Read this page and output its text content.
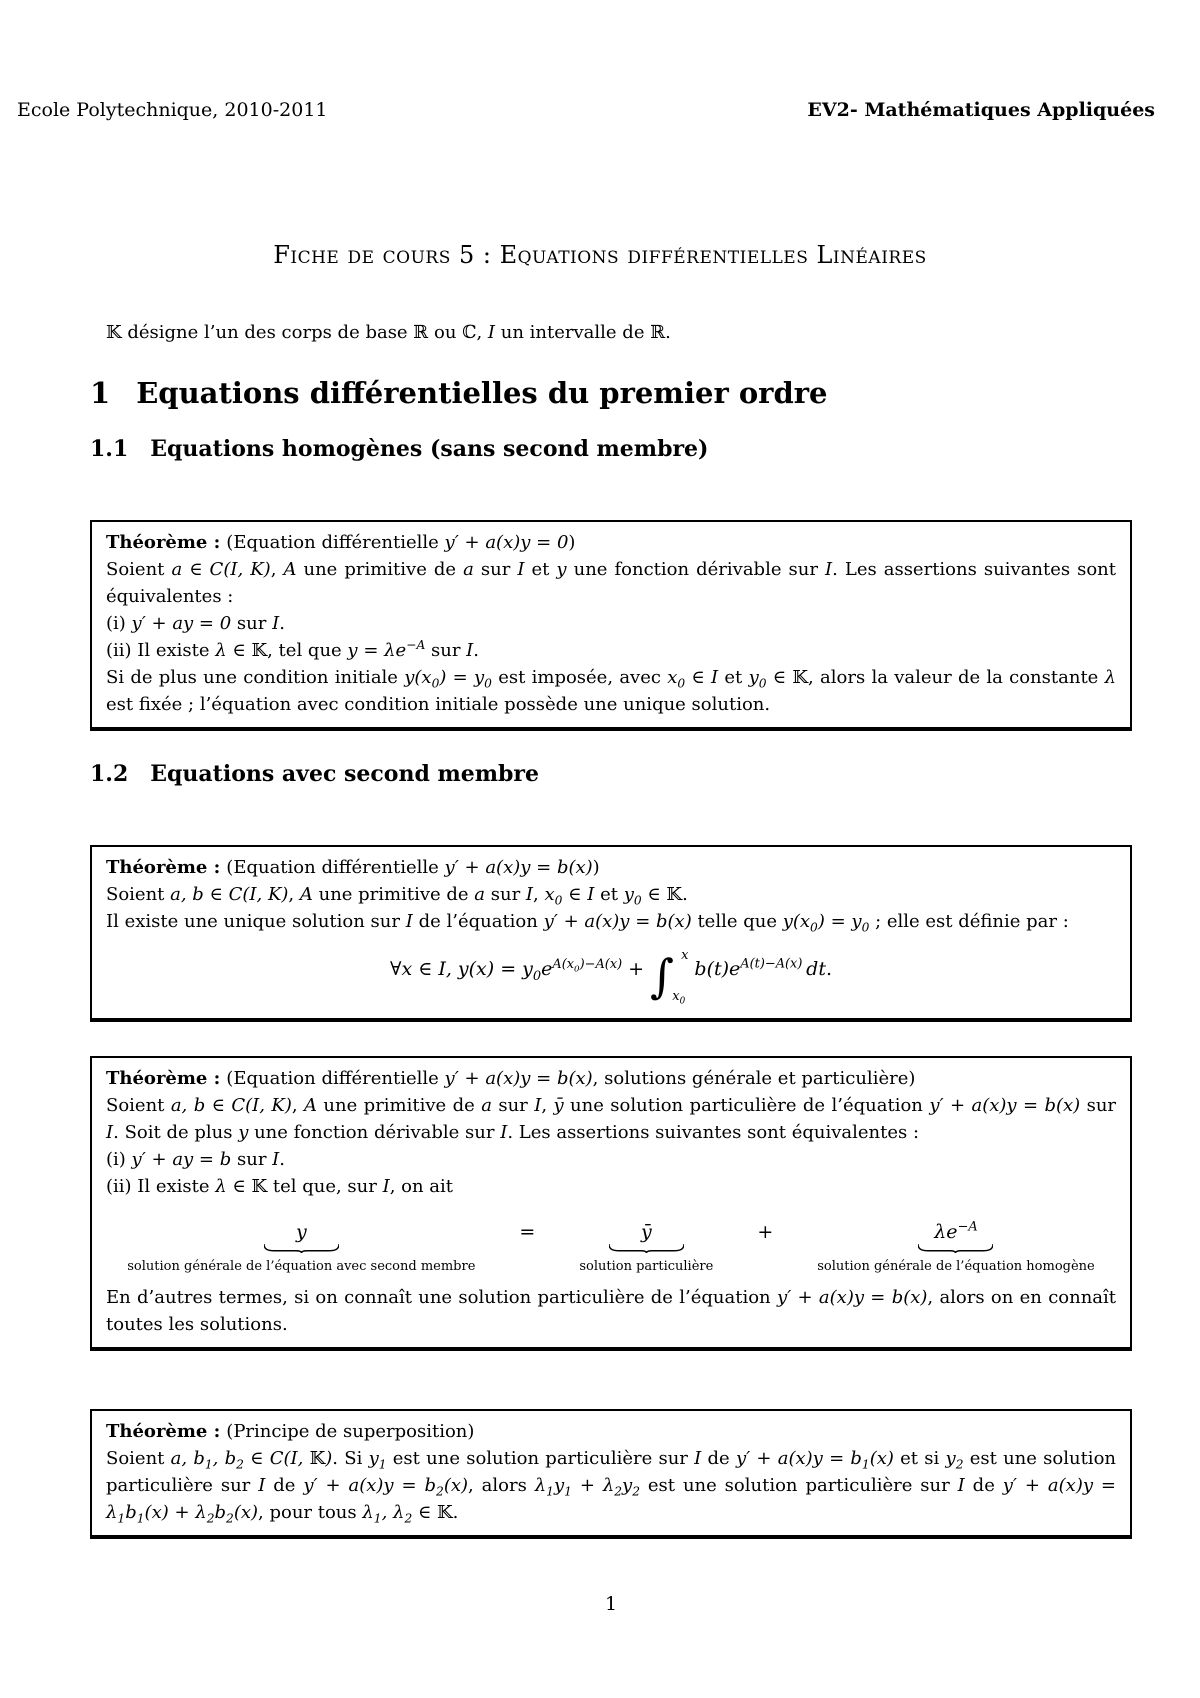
Ecole Polytechnique, 2010-2011	EV2- Mathématiques Appliquées
Fiche de cours 5 : Equations différentielles Linéaires

𝕂 désigne l’un des corps de base ℝ ou ℂ, I un intervalle de ℝ.

1 Equations différentielles du premier ordre
1.1 Equations homogènes (sans second membre)

Théorème : (Equation différentielle y′ + a(x)y = 0)

Soient a ∈ C(I, K), A une primitive de a sur I et y une fonction dérivable sur I. Les assertions suivantes sont équivalentes :

(i) y′ + ay = 0 sur I.

(ii) Il existe λ ∈ 𝕂, tel que $y = \lambda e^{-A}$ sur I.

Si de plus une condition initiale $y(x_0) = y_0$ est imposée, avec $x_0$ ∈ I et $y_0$ ∈ 𝕂, alors la valeur de la constante λ est fixée ; l’équation avec condition initiale possède une unique solution.

1.2 Equations avec second membre

Théorème : (Equation différentielle y′ + a(x)y = b(x))

Soient a, b ∈ C(I, K), A une primitive de a sur I, $x_0$ ∈ I et $y_0$ ∈ 𝕂.

Il existe une unique solution sur I de l’équation y′ + a(x)y = b(x) telle que $y(x_0) = y_0$ ; elle est définie par :

∀x ∈ I, $y(x) = y_0e^{A(x_0)-A(x)}$ + ∫ x
$x_0$
$b(t)e^{A(t)-A(x)}$ dt.

Théorème : (Equation différentielle y′ + a(x)y = b(x), solutions générale et particulière)

Soient a, b ∈ C(I, K), A une primitive de a sur I, ȳ une solution particulière de l’équation y′ + a(x)y = b(x) sur I. Soit de plus y une fonction dérivable sur I. Les assertions suivantes sont équivalentes :

(i) y′ + ay = b sur I.

(ii) Il existe λ ∈ 𝕂 tel que, sur I, on ait

y
solution générale de l’équation avec second membre
=	ȳ
solution particulière
+	$\lambda e^{-A}$
solution générale de l’équation homogène

En d’autres termes, si on connaît une solution particulière de l’équation y′ + a(x)y = b(x), alors on en connaît toutes les solutions.

Théorème : (Principe de superposition)

Soient a, $b_1$, $b_2$ ∈ C(I, 𝕂). Si $y_1$ est une solution particulière sur I de $y' + a(x)y = b_1(x)$ et si $y_2$ est une solution particulière sur I de $y' + a(x)y = b_2(x)$, alors $\lambda_1y_1 + \lambda_2y_2$ est une solution particulière sur I de $y' + a(x)y = \lambda_1b_1(x) + \lambda_2b_2(x)$, pour tous $\lambda_1$, $\lambda_2$ ∈ 𝕂.

1
